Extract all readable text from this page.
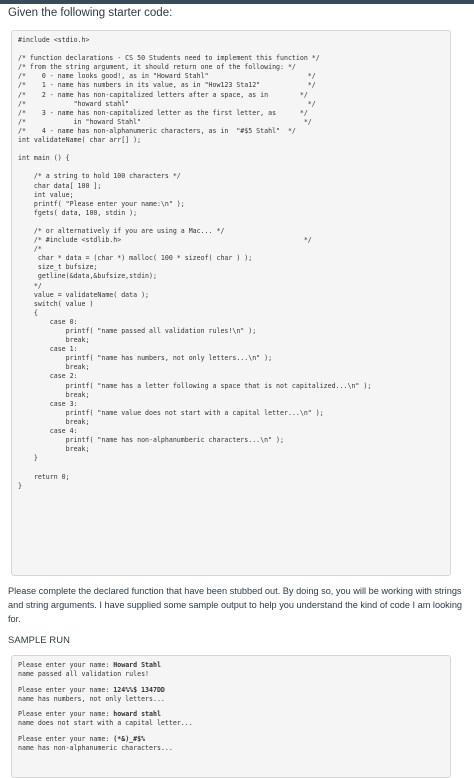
Given the following starter code:
#include <stdio.h>

/* function declarations - CS 50 Students need to implement this function */
/* from the string argument, it should return one of the following: */
/*    0 - name looks good!, as in "Howard Stahl"                         */
/*    1 - name has numbers in its value, as in "How123 Sta12"            */
/*    2 - name has non-capitalized letters after a space, as in        */
/*            "howard stahl"                                             */
/*    3 - name has non-capitalized letter as the first letter, as      */
/*            in "howard Stahl"                                         */
/*    4 - name has non-alphanumeric characters, as in  "#$5 Stahl"  */
int validateName( char arr[] );

int main () {

/* a string to hold 100 characters */
char data[ 100 ];
int value;
printf( "Please enter your name:\n" );
fgets( data, 100, stdin );

/* or alternatively if you are using a Mac... */
/* #include <stdlib.h>                                              */
/*
char * data = (char *) malloc( 100 * sizeof( char ) );
size_t bufsize;
getline(&data,&bufsize,stdin);
*/
value = validateName( data );
switch( value )
{
case 0:
printf( "name passed all validation rules!\n" );
break;
case 1:
printf( "name has numbers, not only letters...\n" );
break;
case 2:
printf( "name has a letter following a space that is not capitalized...\n" );
break;
case 3:
printf( "name value does not start with a capital letter...\n" );
break;
case 4:
printf( "name has non-alphanumberic characters...\n" );
break;
}

return 0;
}

Please complete the declared function that have been stubbed out. By doing so, you will be working with strings and string arguments. I have supplied some sample output to help you understand the kind of code I am looking for.

SAMPLE RUN
Please enter your name: Howard Stahl
name passed all validation rules!
Please enter your name: 124%%$ 1347DD
name has numbers, not only letters...
Please enter your name: howard stahl
name does not start with a capital letter...
Please enter your name: (*&)_#$%
name has non-alphanumeric characters...
